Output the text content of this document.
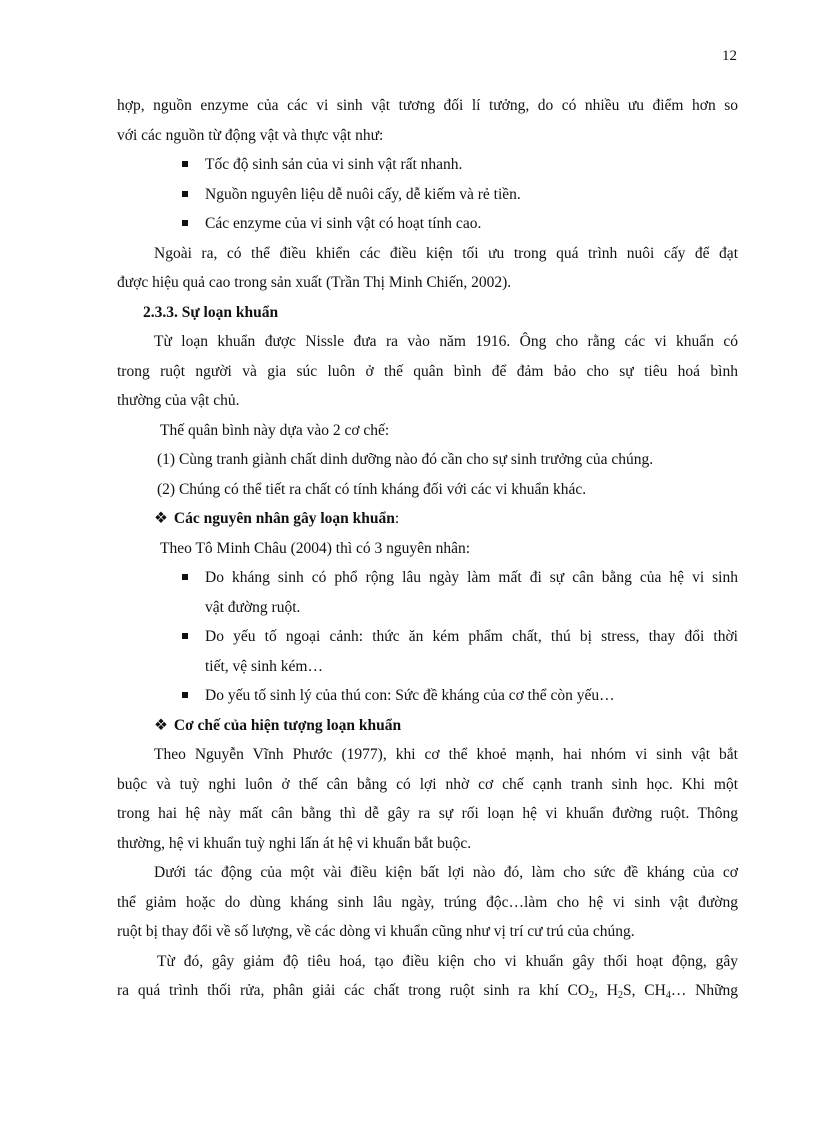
12

hợp, nguồn enzyme của các vi sinh vật tương đối lí tưởng, do có nhiều ưu điểm hơn so

với các nguồn từ động vật và thực vật như:

Tốc độ sinh sản của vi sinh vật rất nhanh.
Nguồn nguyên liệu dễ nuôi cấy, dễ kiếm và rẻ tiền.
Các enzyme của vi sinh vật có hoạt tính cao.

Ngoài ra, có thể điều khiển các điều kiện tối ưu trong quá trình nuôi cấy để đạt

được hiệu quả cao trong sản xuất (Trần Thị Minh Chiến, 2002).

2.3.3. Sự loạn khuẩn

Từ loạn khuẩn được Nissle đưa ra vào năm 1916. Ông cho rằng các vi khuẩn có

trong ruột người và gia súc luôn ở thế quân bình để đảm bảo cho sự tiêu hoá bình

thường của vật chủ.

Thế quân bình này dựa vào 2 cơ chế:

(1) Cùng tranh giành chất dinh dưỡng nào đó cần cho sự sinh trưởng của chúng.

(2) Chúng có thể tiết ra chất có tính kháng đối với các vi khuẩn khác.

❖ Các nguyên nhân gây loạn khuẩn:

Theo Tô Minh Châu (2004) thì có 3 nguyên nhân:

Do kháng sinh có phổ rộng lâu ngày làm mất đi sự cân bằng của hệ vi sinh
vật đường ruột.
Do yếu tố ngoại cảnh: thức ăn kém phẩm chất, thú bị stress, thay đổi thời
tiết, vệ sinh kém…
Do yếu tố sinh lý của thú con: Sức đề kháng của cơ thể còn yếu…

❖ Cơ chế của hiện tượng loạn khuẩn

Theo Nguyễn Vĩnh Phước (1977), khi cơ thể khoẻ mạnh, hai nhóm vi sinh vật bắt

buộc và tuỳ nghi luôn ở thế cân bằng có lợi nhờ cơ chế cạnh tranh sinh học. Khi một

trong hai hệ này mất cân bằng thì dễ gây ra sự rối loạn hệ vi khuẩn đường ruột. Thông

thường, hệ vi khuẩn tuỳ nghi lấn át hệ vi khuẩn bắt buộc.

Dưới tác động của một vài điều kiện bất lợi nào đó, làm cho sức đề kháng của cơ

thể giảm hoặc do dùng kháng sinh lâu ngày, trúng độc…làm cho hệ vi sinh vật đường

ruột bị thay đổi về số lượng, về các dòng vi khuẩn cũng như vị trí cư trú của chúng.

Từ đó, gây giảm độ tiêu hoá, tạo điều kiện cho vi khuẩn gây thối hoạt động, gây

ra quá trình thối rửa, phân giải các chất trong ruột sinh ra khí $CO_2$, $H_2S$, $CH_4\dots$ Những
